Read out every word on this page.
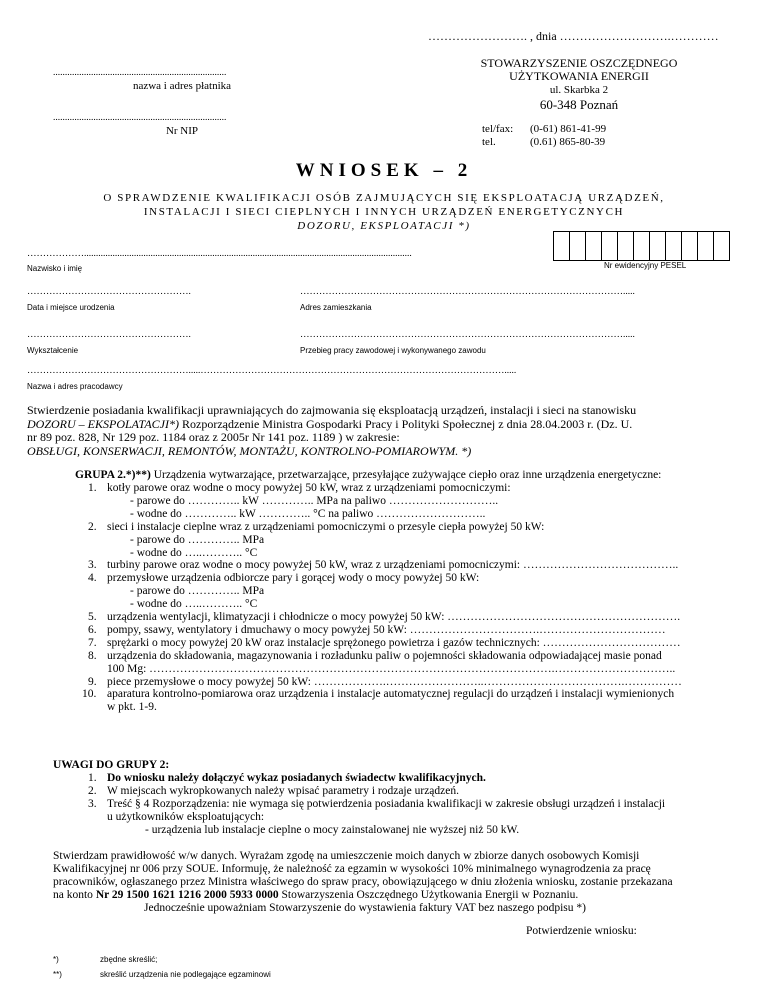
……………………. , dnia ……………………….…………
.........................................................................
nazwa i adres płatnika
.........................................................................
Nr NIP
STOWARZYSZENIE OSZCZĘDNEGO
UŻYTKOWANIA ENERGII
ul. Skarbka 2
60-348 Poznań
tel/fax: (0-61) 861-41-99
tel.	(0.61) 865-80-39
WNIOSEK – 2
O SPRAWDZENIE KWALIFIKACJI OSÓB ZAJMUJĄCYCH SIĘ EKSPLOATACJĄ URZĄDZEŃ,
INSTALACJI I SIECI CIEPLNYCH I INNYCH URZĄDZEŃ ENERGETYCZNYCH
DOZORU, EKSPLOATACJI *)
………………..........................................................................................................................................
Nazwisko i imię	Nr ewidencyjny PESEL
…………………………………………….
Data i miejsce urodzenia
………………………………………………………………………………………….....
Adres zamieszkania
…………………………………………….
Wykształcenie
………………………………………………………………………………………….....
Przebieg pracy zawodowej i wykonywanego zawodu
…………………………………………….....…………………………………………………………………………………….....
Nazwa i adres pracodawcy
Stwierdzenie posiadania kwalifikacji uprawniających do zajmowania się eksploatacją urządzeń, instalacji i sieci na stanowisku
DOZORU – EKSPOLATACJI*) Rozporządzenie Ministra Gospodarki Pracy i Polityki Społecznej z dnia 28.04.2003 r. (Dz. U.
nr 89 poz. 828, Nr 129 poz. 1184 oraz z 2005r Nr 141 poz. 1189 ) w zakresie:
OBSŁUGI, KONSERWACJI, REMONTÓW, MONTAŻU, KONTROLNO-POMIAROWYM. *)
GRUPA 2.*)**) Urządzenia wytwarzające, przetwarzające, przesyłające zużywające ciepło oraz inne urządzenia energetyczne:
1. kotły parowe oraz wodne o mocy powyżej 50 kW, wraz z urządzeniami pomocniczymi:
- parowe do ………….. kW ………….. MPa na paliwo ………………………..
- wodne do ………….. kW ………….. °C na paliwo ………………………..
2. sieci i instalacje cieplne wraz z urządzeniami pomocniczymi o przesyle ciepła powyżej 50 kW:
- parowe do ………….. MPa
- wodne do …..……….. °C
3. turbiny parowe oraz wodne o mocy powyżej 50 kW, wraz z urządzeniami pomocniczymi: …………………………………..
4. przemysłowe urządzenia odbiorcze pary i gorącej wody o mocy powyżej 50 kW:
- parowe do ………….. MPa
- wodne do …..……….. °C
5. urządzenia wentylacji, klimatyzacji i chłodnicze o mocy powyżej 50 kW: …………………………………………………….
6. pompy, ssawy, wentylatory i dmuchawy o mocy powyżej 50 kW: …………………………….……………………………
7. sprężarki o mocy powyżej 20 kW oraz instalacje sprężonego powietrza i gazów technicznych: ………………………………
8. urządzenia do składowania, magazynowania i rozładunku paliw o pojemności składowania odpowiadającej masie ponad
100 Mg: …………………………………………………………………………………………….…………………………..
9. piece przemysłowe o mocy powyżej 50 kW: ……………….……………………..……………………………….……………
10. aparatura kontrolno-pomiarowa oraz urządzenia i instalacje automatycznej regulacji do urządzeń i instalacji wymienionych
w pkt. 1-9.
UWAGI DO GRUPY 2:
1. Do wniosku należy dołączyć wykaz posiadanych świadectw kwalifikacyjnych.
2. W miejscach wykropkowanych należy wpisać parametry i rodzaje urządzeń.
3. Treść § 4 Rozporządzenia: nie wymaga się potwierdzenia posiadania kwalifikacji w zakresie obsługi urządzeń i instalacji
u użytkowników eksploatujących:
- urządzenia lub instalacje cieplne o mocy zainstalowanej nie wyższej niż 50 kW.
Stwierdzam prawidłowość w/w danych. Wyrażam zgodę na umieszczenie moich danych w zbiorze danych osobowych Komisji
Kwalifikacyjnej nr 006 przy SOUE. Informuję, że należność za egzamin w wysokości 10% minimalnego wynagrodzenia za pracę
pracowników, ogłaszanego przez Ministra właściwego do spraw pracy, obowiązującego w dniu złożenia wniosku, zostanie przekazana
na konto Nr 29 1500 1621 1216 2000 5933 0000 Stowarzyszenia Oszczędnego Użytkowania Energii w Poznaniu.
Jednocześnie upoważniam Stowarzyszenie do wystawienia faktury VAT bez naszego podpisu *)
Potwierdzenie wniosku:
*)	zbędne skreślić;
**)	skreślić urządzenia nie podlegające egzaminowi
